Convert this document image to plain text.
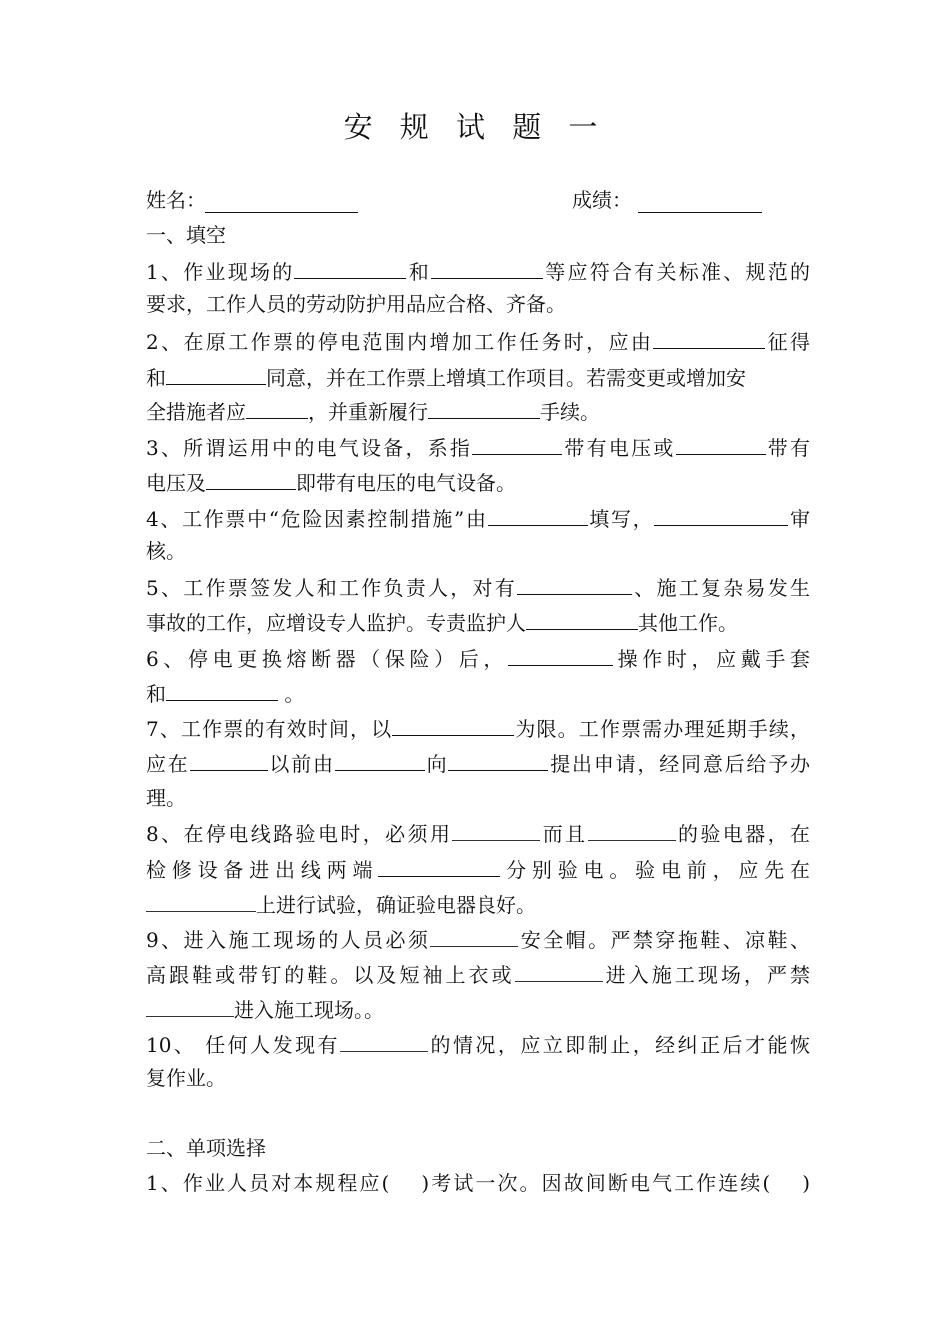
安 规 试 题 一
姓名：	成绩：
一、填空
1、作业现场的	和	等应符合有关标准、规范的
要求，工作人员的劳动防护用品应合格、齐备。
2、在原工作票的停电范围内增加工作任务时，应由	征得
和	同意，并在工作票上增填工作项目。若需变更或增加安
全措施者应	，并重新履行	手续。
3、所谓运用中的电气设备，系指	带有电压或	带有
电压及	即带有电压的电气设备。
4、工作票中“危险因素控制措施”由	填写，	审
核。
5、工作票签发人和工作负责人，对有	、施工复杂易发生
事故的工作，应增设专人监护。专责监护人	其他工作。
6、停电更换熔断器（保险）后，	操作时，应戴手套
和	。
7、工作票的有效时间，以	为限。工作票需办理延期手续，
应在	以前由	向	提出申请，经同意后给予办
理。
8、在停电线路验电时，必须用	而且	的验电器，在
检修设备进出线两端	分别验电。验电前，应先在
上进行试验，确证验电器良好。
9、进入施工现场的人员必须	安全帽。严禁穿拖鞋、凉鞋、
高跟鞋或带钉的鞋。以及短袖上衣或	进入施工现场，严禁
进入施工现场。。
10、 任何人发现有	的情况，应立即制止，经纠正后才能恢
复作业。
二、单项选择
1、作业人员对本规程应( )考试一次。因故间断电气工作连续( )
